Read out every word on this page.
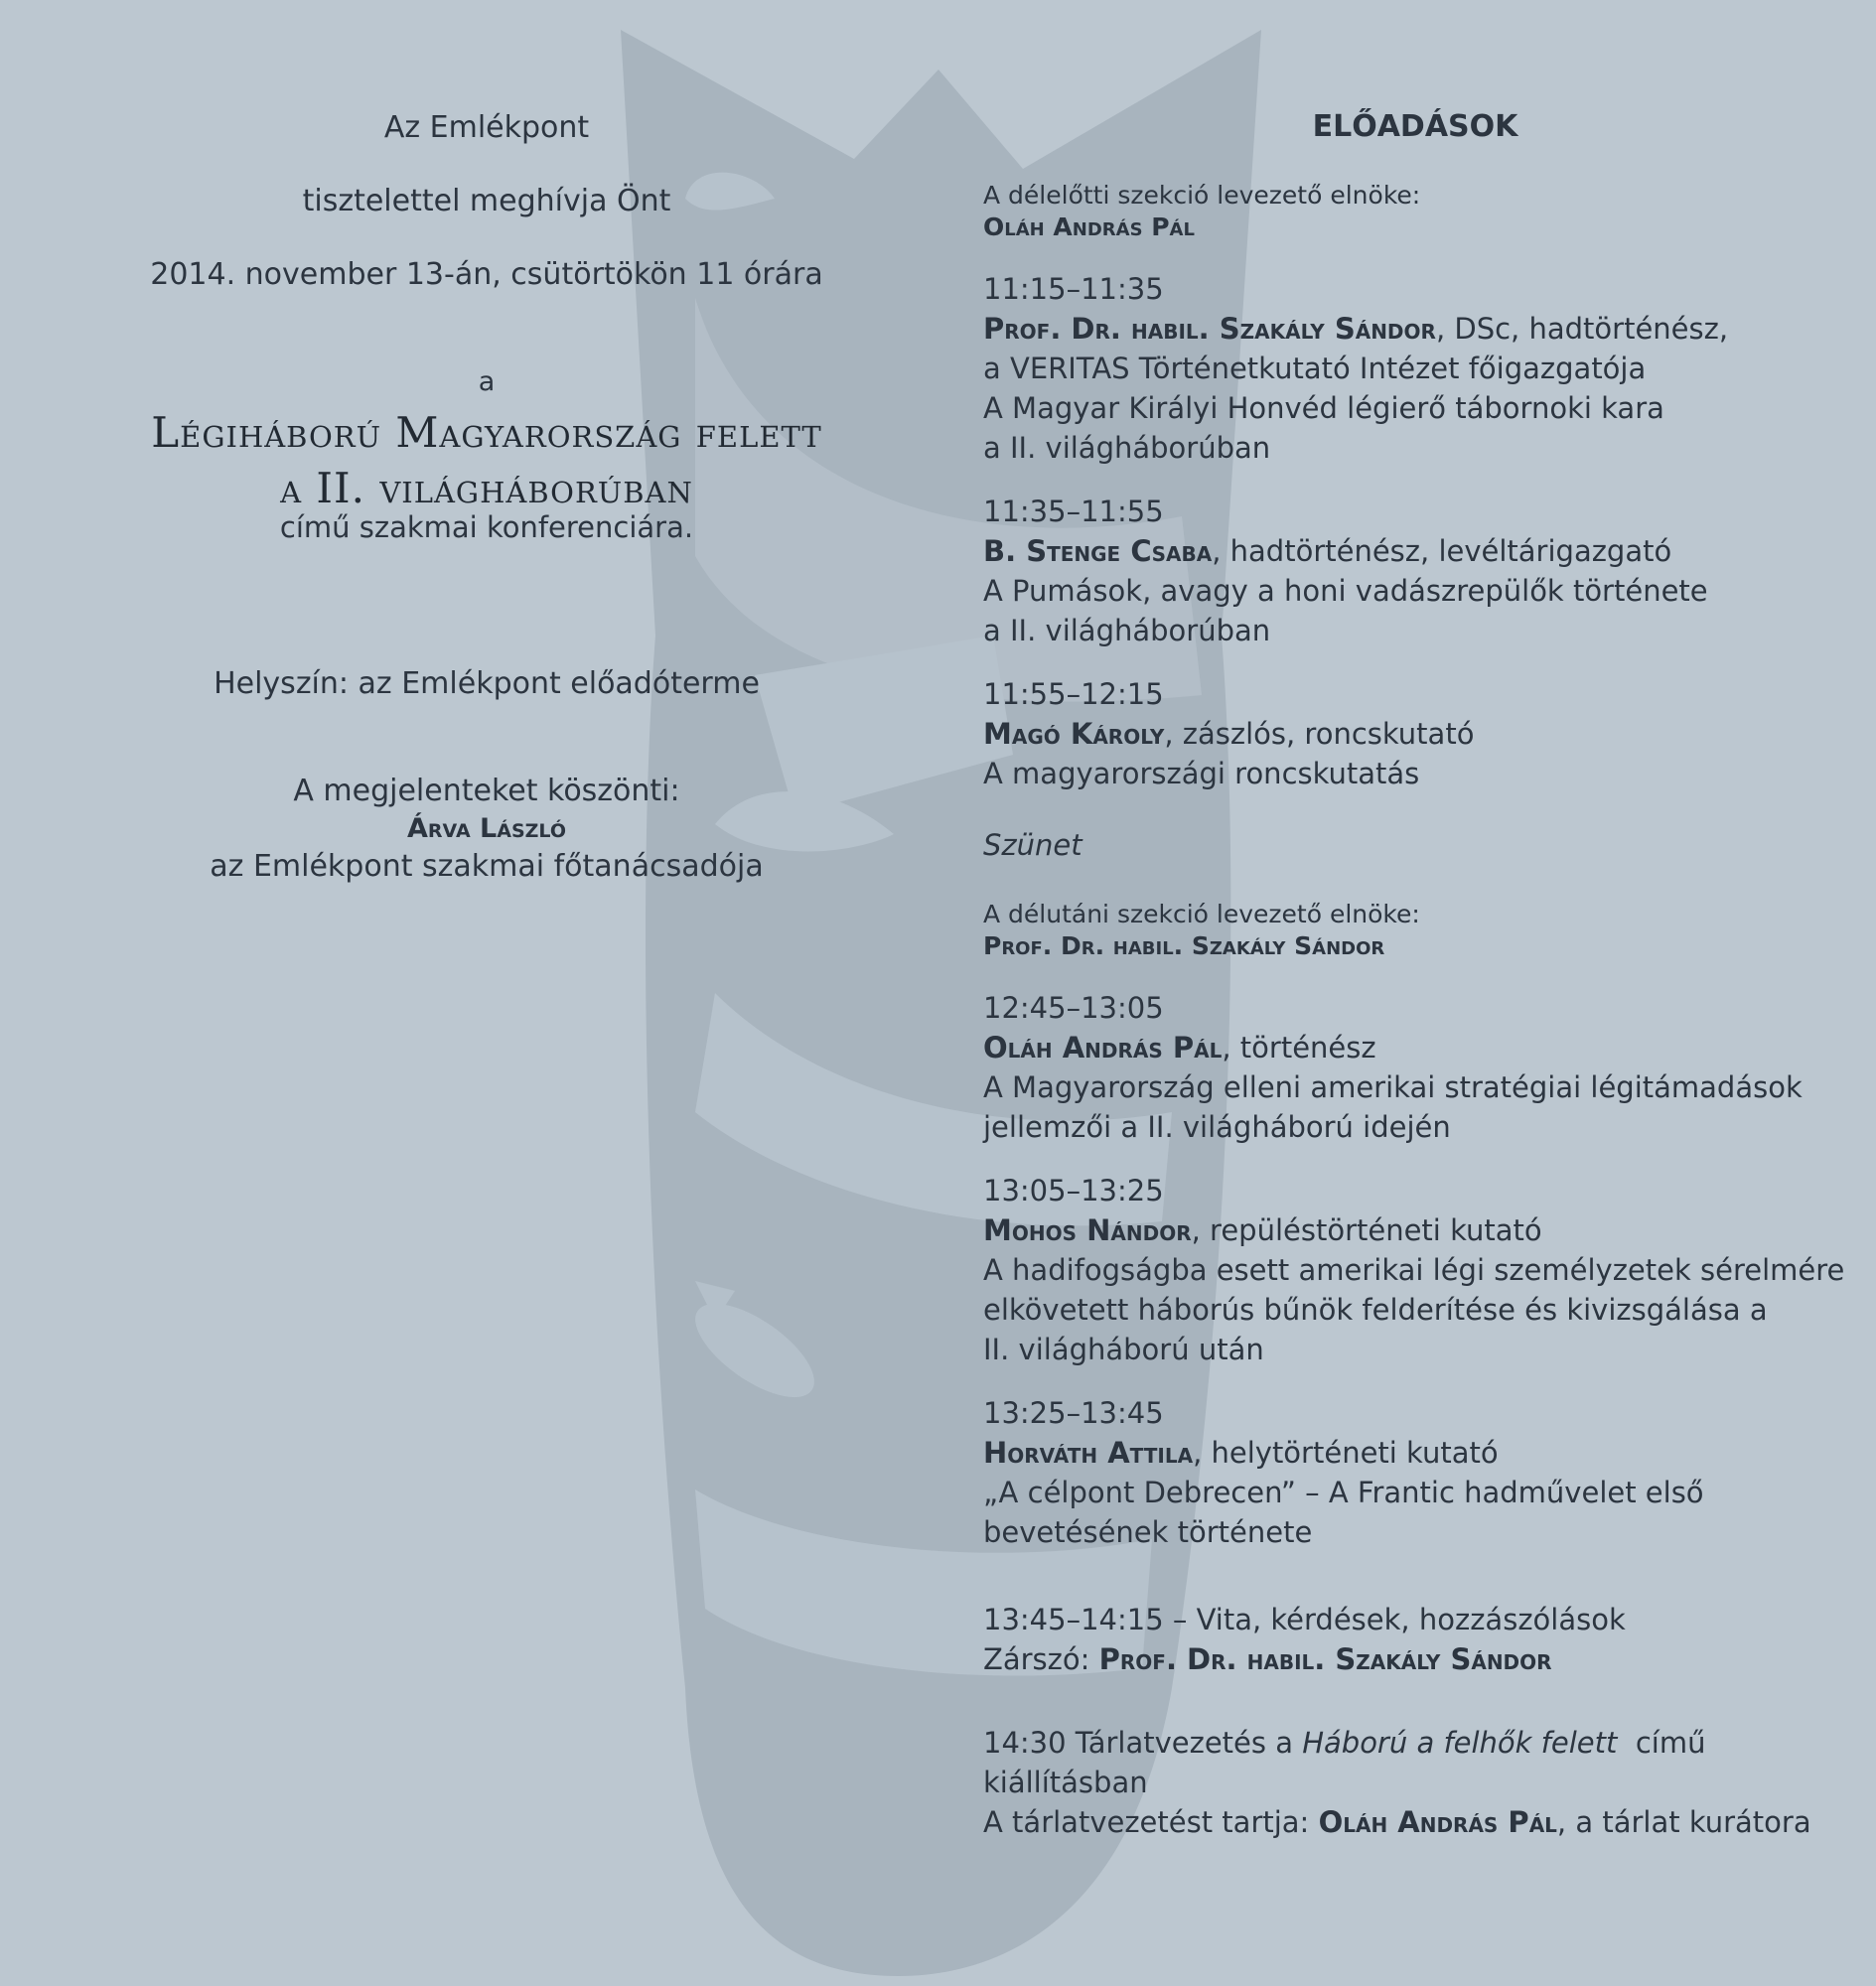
Az Emlékpont
tisztelettel meghívja Önt
2014. november 13-án, csütörtökön 11 órára
a
Légiháború Magyarország felett
a II. világháborúban
című szakmai konferenciára.
Helyszín: az Emlékpont előadóterme
A megjelenteket köszönti:
Árva László
az Emlékpont szakmai főtanácsadója
ELŐADÁSOK
A délelőtti szekció levezető elnöke:
Oláh András Pál
11:15–11:35
Prof. Dr. habil. Szakály Sándor, DSc, hadtörténész,
a VERITAS Történetkutató Intézet főigazgatója
A Magyar Királyi Honvéd légierő tábornoki kara
a II. világháborúban
11:35–11:55
B. Stenge Csaba, hadtörténész, levéltárigazgató
A Pumások, avagy a honi vadászrepülők története
a II. világháborúban
11:55–12:15
Magó Károly, zászlós, roncskutató
A magyarországi roncskutatás
Szünet
A délutáni szekció levezető elnöke:
Prof. Dr. habil. Szakály Sándor
12:45–13:05
Oláh András Pál, történész
A Magyarország elleni amerikai stratégiai légitámadások
jellemzői a II. világháború idején
13:05–13:25
Mohos Nándor, repüléstörténeti kutató
A hadifogságba esett amerikai légi személyzetek sérelmére
elkövetett háborús bűnök felderítése és kivizsgálása a
II. világháború után
13:25–13:45
Horváth Attila, helytörténeti kutató
„A célpont Debrecen” – A Frantic hadművelet első
bevetésének története
13:45–14:15 – Vita, kérdések, hozzászólások
Zárszó: Prof. Dr. habil. Szakály Sándor
14:30 Tárlatvezetés a Háború a felhők felett  című
kiállításban
A tárlatvezetést tartja: Oláh András Pál, a tárlat kurátora
